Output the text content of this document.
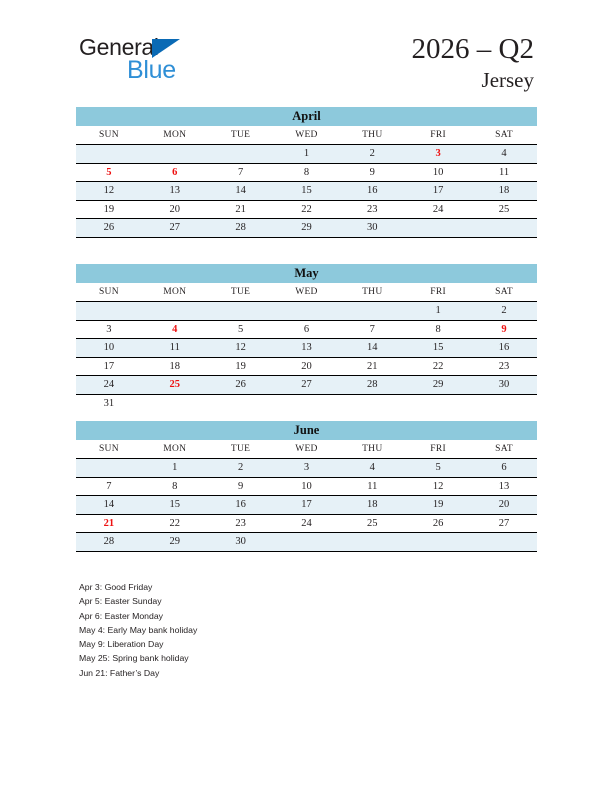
General
Blue
2026 – Q2
Jersey
April						
SUN	MON	TUE	WED	THU	FRI	SAT
			1	2	3	4
5	6	7	8	9	10	11
12	13	14	15	16	17	18
19	20	21	22	23	24	25
26	27	28	29	30		
May						
SUN	MON	TUE	WED	THU	FRI	SAT
					1	2
3	4	5	6	7	8	9
10	11	12	13	14	15	16
17	18	19	20	21	22	23
24	25	26	27	28	29	30
31						
June						
SUN	MON	TUE	WED	THU	FRI	SAT
	1	2	3	4	5	6
7	8	9	10	11	12	13
14	15	16	17	18	19	20
21	22	23	24	25	26	27
28	29	30				
Apr 3: Good Friday
Apr 5: Easter Sunday
Apr 6: Easter Monday
May 4: Early May bank holiday
May 9: Liberation Day
May 25: Spring bank holiday
Jun 21: Father’s Day
